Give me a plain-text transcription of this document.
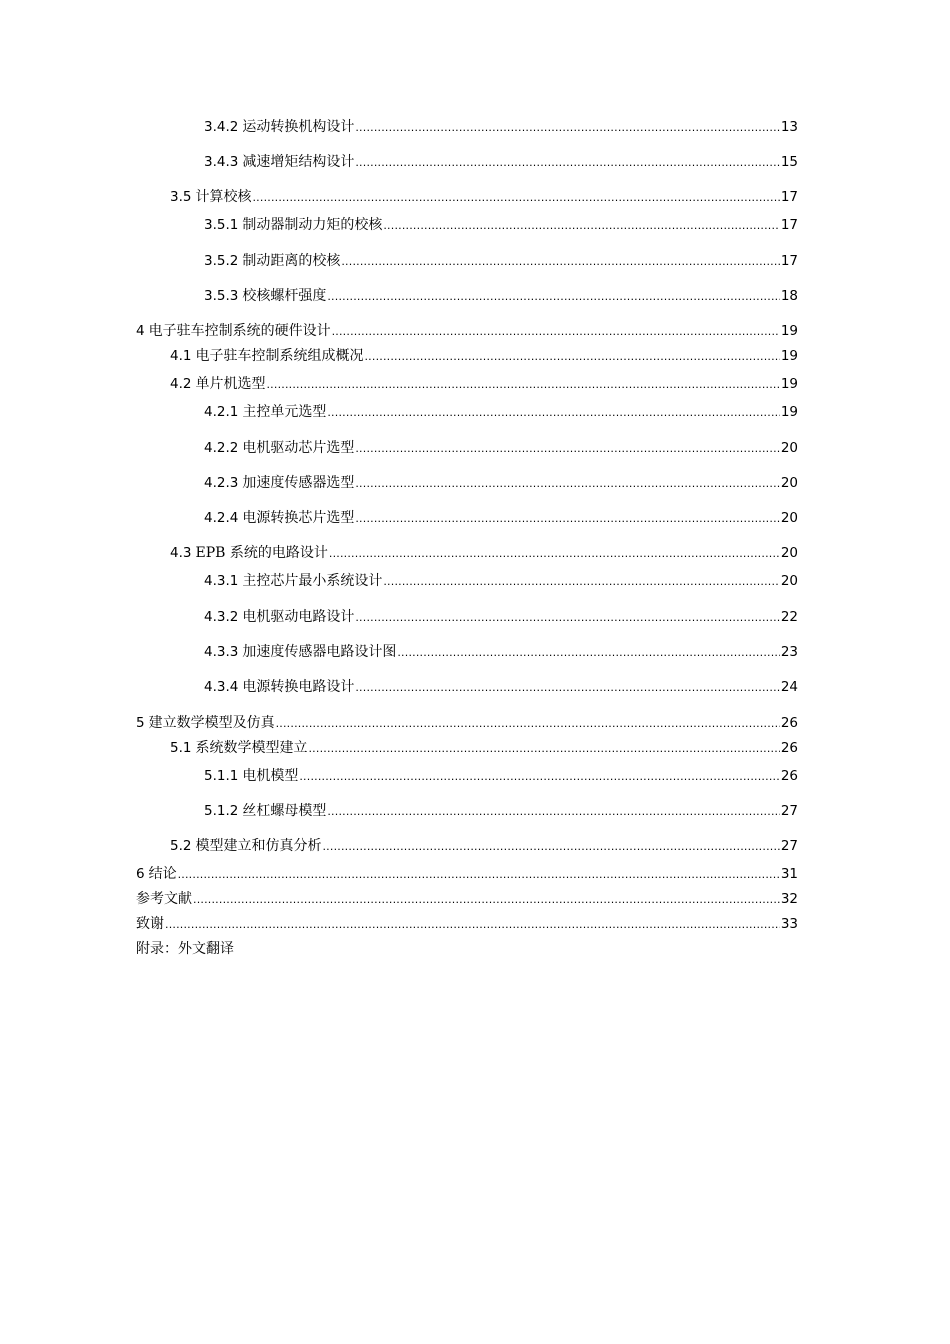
3.4.2 运动转换机构设计 .....	13
3.4.3 减速增矩结构设计 .....	15
3.5 计算校核 .....	17
3.5.1 制动器制动力矩的校核 .....	17
3.5.2 制动距离的校核 .....	17
3.5.3 校核螺杆强度 .....	18
4 电子驻车控制系统的硬件设计 .....	19
4.1 电子驻车控制系统组成概况 .....	19
4.2 单片机选型 .....	19
4.2.1 主控单元选型 .....	19
4.2.2 电机驱动芯片选型 .....	20
4.2.3 加速度传感器选型 .....	20
4.2.4 电源转换芯片选型 .....	20
4.3 EPB 系统的电路设计 .....	20
4.3.1 主控芯片最小系统设计 .....	20
4.3.2 电机驱动电路设计 .....	22
4.3.3 加速度传感器电路设计图 .....	23
4.3.4 电源转换电路设计 .....	24
5 建立数学模型及仿真 .....	26
5.1 系统数学模型建立 .....	26
5.1.1 电机模型 .....	26
5.1.2 丝杠螺母模型 .....	27
5.2 模型建立和仿真分析 .....	27
6 结论 .....	31
参考文献 .....	32
致谢 .....	33
附录：外文翻译
